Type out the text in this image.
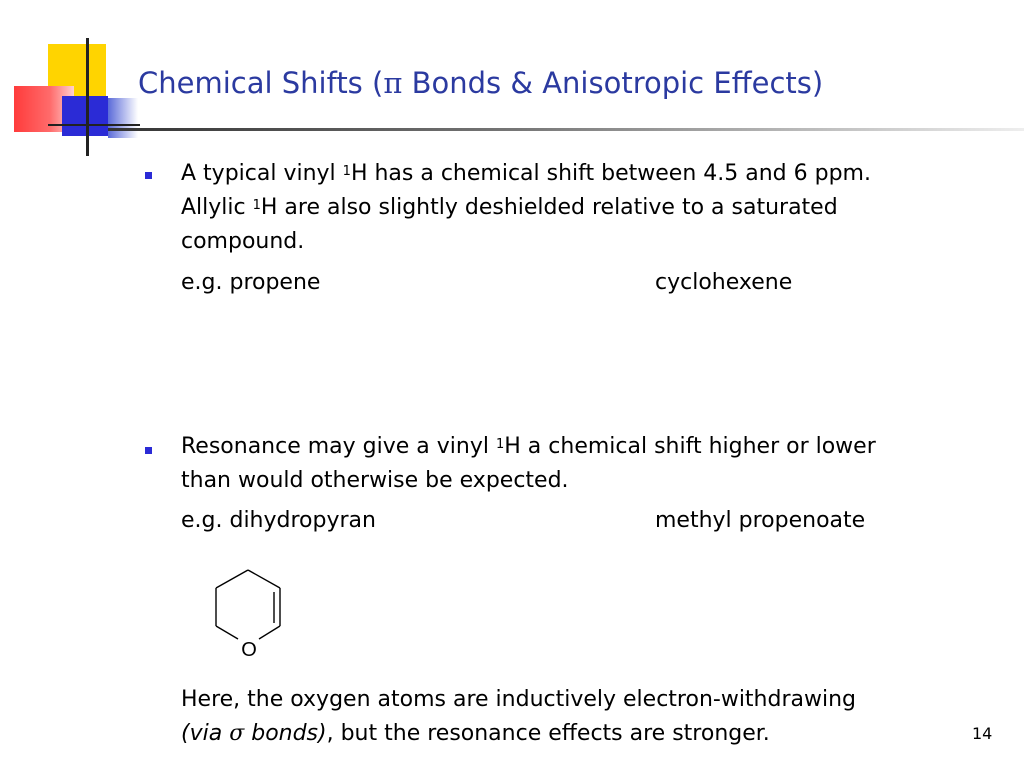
Chemical Shifts (π Bonds & Anisotropic Effects)
A typical vinyl $^1$H has a chemical shift between 4.5 and 6 ppm.
Allylic $^1$H are also slightly deshielded relative to a saturated
compound.
e.g. propene	cyclohexene
Resonance may give a vinyl $^1$H a chemical shift higher or lower
than would otherwise be expected.
e.g. dihydropyran	methyl propenoate
O
Here, the oxygen atoms are inductively electron-withdrawing
(via σ bonds), but the resonance effects are stronger.	14
